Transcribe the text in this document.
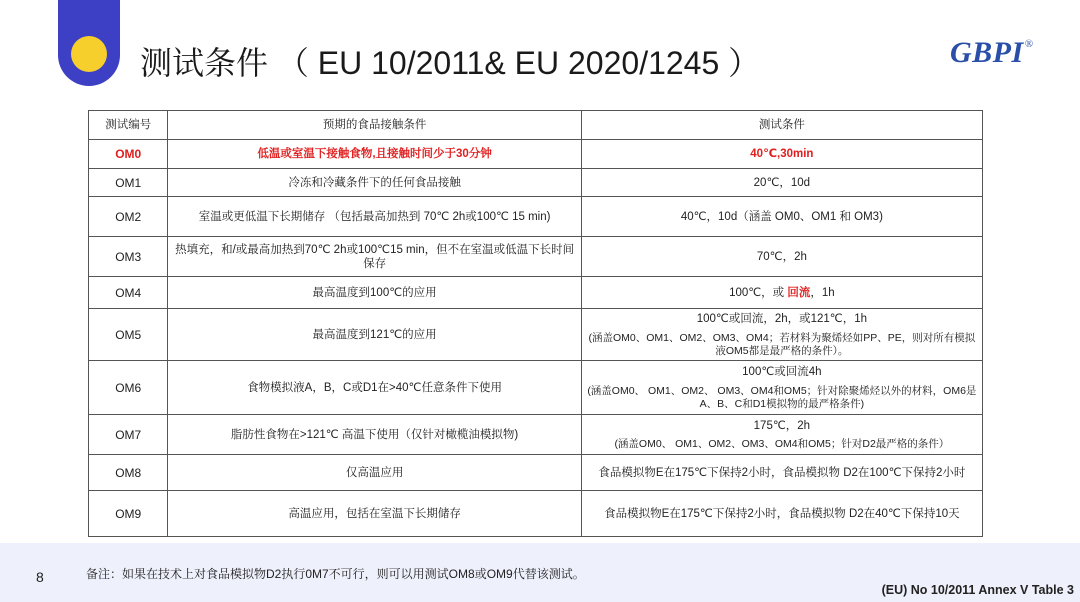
测试条件 （ EU 10/2011& EU 2020/1245 ）	GBPI®
测试编号	预期的食品接触条件	测试条件
OM0	低温或室温下接触食物,且接触时间少于30分钟	40℃,30min
OM1	冷冻和冷藏条件下的任何食品接触	20℃，10d
OM2	室温或更低温下长期储存 （包括最高加热到 70℃ 2h或100℃ 15 min)	40℃，10d（涵盖 OM0、OM1 和 OM3)
OM3	热填充，和/或最高加热到70℃ 2h或100℃15 min，但不在室温或低温下长时间保存	70℃，2h
OM4	最高温度到100℃的应用	100℃，或 回流，1h
OM5	最高温度到121℃的应用	100℃或回流，2h，或121℃，1h
(涵盖OM0、OM1、OM2、OM3、OM4；若材料为聚烯烃如PP、PE，则对所有模拟液OM5都是最严格的条件）。

OM6	食物模拟液A，B，C或D1在>40℃任意条件下使用	100℃或回流4h
(涵盖OM0、 OM1、OM2、 OM3、OM4和OM5；针对除聚烯烃以外的材料，OM6是A、B、C和D1模拟物的最严格条件)

OM7	脂肪性食物在>121℃ 高温下使用（仅针对橄榄油模拟物)	175℃，2h
(涵盖OM0、 OM1、OM2、OM3、OM4和OM5；针对D2最严格的条件）

OM8	仅高温应用	食品模拟物E在175℃下保持2小时，食品模拟物 D2在100℃下保持2小时
OM9	高温应用，包括在室温下长期储存	食品模拟物E在175℃下保持2小时，食品模拟物 D2在40℃下保持10天
8	备注：如果在技术上对食品模拟物D2执行0M7不可行，则可以用测试OM8或OM9代替该测试。
(EU) No 10/2011 Annex V Table 3
